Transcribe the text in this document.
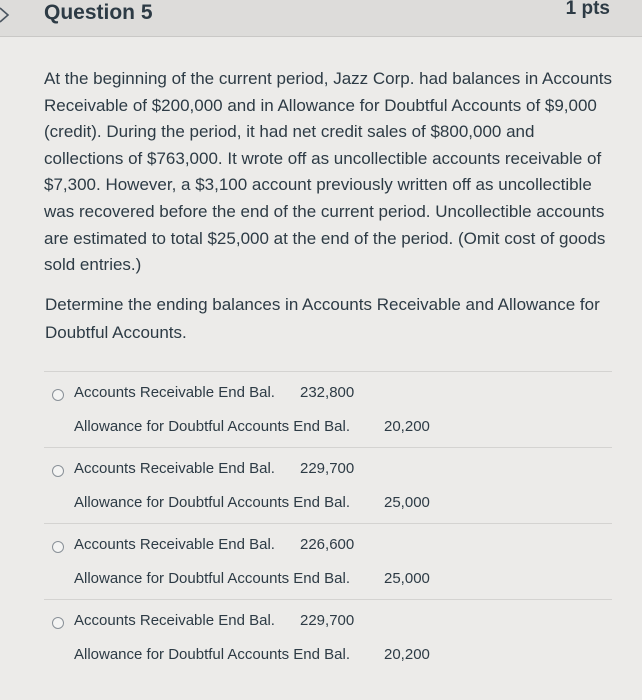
Question 5	1 pts

At the beginning of the current period, Jazz Corp. had balances in Accounts Receivable of $200,000 and in Allowance for Doubtful Accounts of $9,000 (credit). During the period, it had net credit sales of $800,000 and collections of $763,000. It wrote off as uncollectible accounts receivable of $7,300. However, a $3,100 account previously written off as uncollectible was recovered before the end of the current period. Uncollectible accounts are estimated to total $25,000 at the end of the period. (Omit cost of goods sold entries.)

Determine the ending balances in Accounts Receivable and Allowance for Doubtful Accounts.

Accounts Receivable End Bal. 232,800
Allowance for Doubtful Accounts End Bal. 20,200
Accounts Receivable End Bal. 229,700
Allowance for Doubtful Accounts End Bal. 25,000
Accounts Receivable End Bal. 226,600
Allowance for Doubtful Accounts End Bal. 25,000
Accounts Receivable End Bal. 229,700
Allowance for Doubtful Accounts End Bal. 20,200
